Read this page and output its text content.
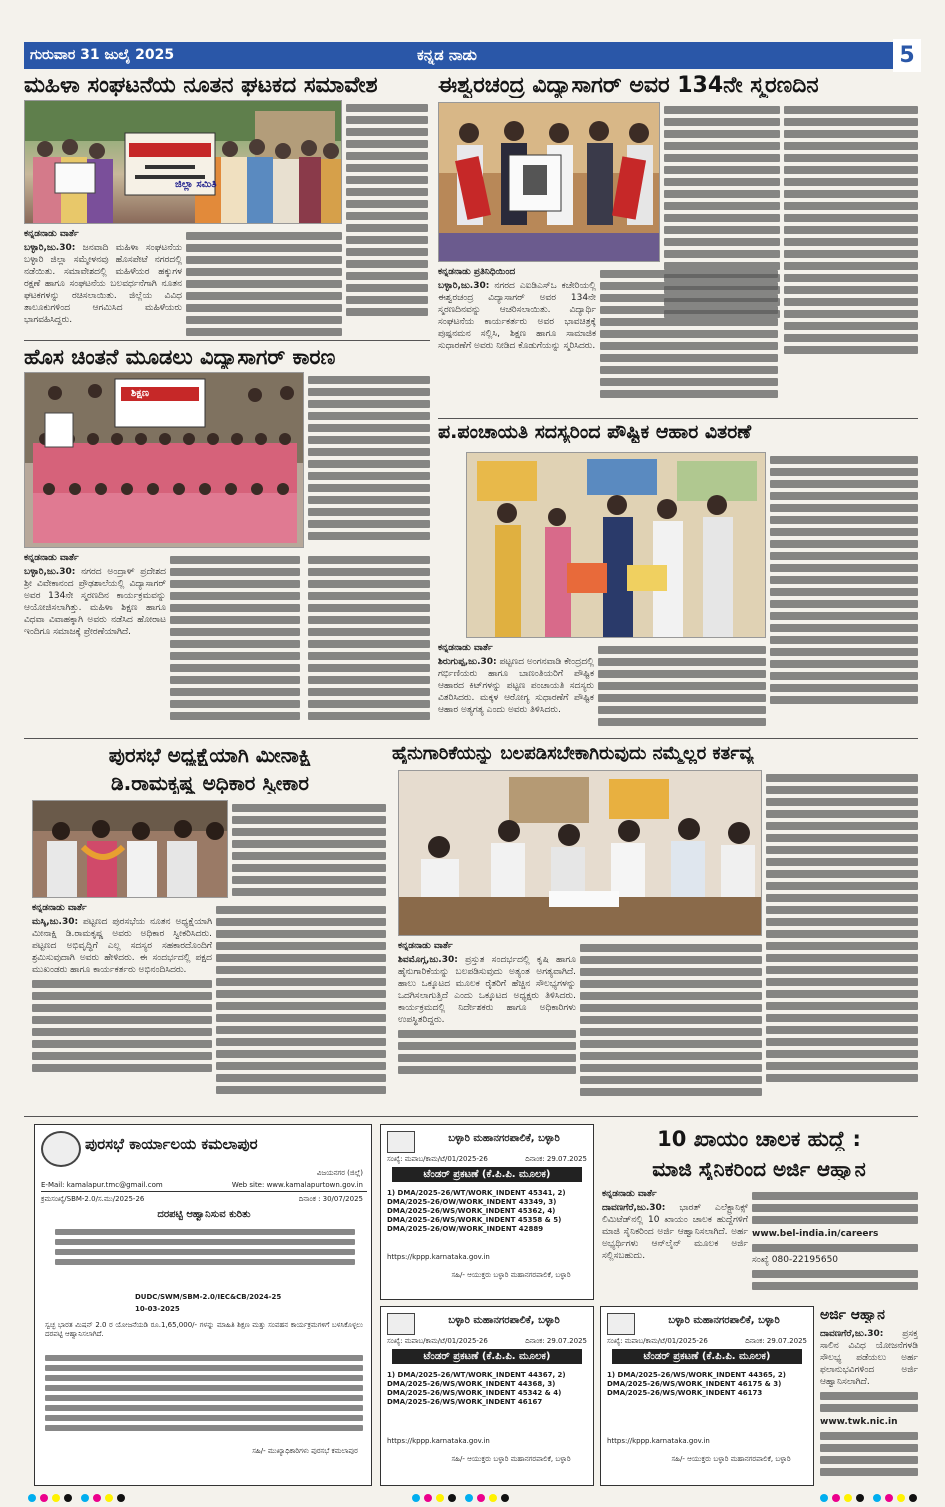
ಗುರುವಾರ 31 ಜುಲೈ 2025	ಕನ್ನಡ ನಾಡು	5
ಮಹಿಳಾ ಸಂಘಟನೆಯ ನೂತನ ಘಟಕದ ಸಮಾವೇಶ
ಜಿಲ್ಲಾ ಸಮಿತಿ

ಕನ್ನಡನಾಡು ವಾರ್ತೆ

ಬಳ್ಳಾರಿ,ಜು.30: ಜನವಾದಿ ಮಹಿಳಾ ಸಂಘಟನೆಯ ಬಳ್ಳಾರಿ ಜಿಲ್ಲಾ ಸಮ್ಮೇಳನವು ಹೊಸಪೇಟೆ ನಗರದಲ್ಲಿ ನಡೆಯಿತು. ಸಮಾವೇಶದಲ್ಲಿ ಮಹಿಳೆಯರ ಹಕ್ಕುಗಳ ರಕ್ಷಣೆ ಹಾಗೂ ಸಂಘಟನೆಯ ಬಲವರ್ಧನೆಗಾಗಿ ನೂತನ ಘಟಕಗಳನ್ನು ರಚಿಸಲಾಯಿತು. ಜಿಲ್ಲೆಯ ವಿವಿಧ ತಾಲೂಕುಗಳಿಂದ ಆಗಮಿಸಿದ ಮಹಿಳೆಯರು ಭಾಗವಹಿಸಿದ್ದರು.

ಈಶ್ವರಚಂದ್ರ ವಿದ್ಯಾಸಾಗರ್ ಅವರ 134ನೇ ಸ್ಮರಣದಿನ

ಕನ್ನಡನಾಡು ಪ್ರತಿನಿಧಿಯಿಂದ

ಬಳ್ಳಾರಿ,ಜು.30: ನಗರದ ಎಐಡಿಎಸ್ಒ ಕಚೇರಿಯಲ್ಲಿ ಈಶ್ವರಚಂದ್ರ ವಿದ್ಯಾಸಾಗರ್ ಅವರ 134ನೇ ಸ್ಮರಣದಿನವನ್ನು ಆಚರಿಸಲಾಯಿತು. ವಿದ್ಯಾರ್ಥಿ ಸಂಘಟನೆಯ ಕಾರ್ಯಕರ್ತರು ಅವರ ಭಾವಚಿತ್ರಕ್ಕೆ ಪುಷ್ಪನಮನ ಸಲ್ಲಿಸಿ, ಶಿಕ್ಷಣ ಹಾಗೂ ಸಾಮಾಜಿಕ ಸುಧಾರಣೆಗೆ ಅವರು ನೀಡಿದ ಕೊಡುಗೆಯನ್ನು ಸ್ಮರಿಸಿದರು.

ಹೊಸ ಚಿಂತನೆ ಮೂಡಲು ವಿದ್ಯಾಸಾಗರ್ ಕಾರಣ
ಶಿಕ್ಷಣ

ಕನ್ನಡನಾಡು ವಾರ್ತೆ

ಬಳ್ಳಾರಿ,ಜು.30: ನಗರದ ಅಂದ್ರಾಳ್ ಪ್ರದೇಶದ ಶ್ರೀ ವಿವೇಕಾನಂದ ಪ್ರೌಢಶಾಲೆಯಲ್ಲಿ ವಿದ್ಯಾಸಾಗರ್ ಅವರ 134ನೇ ಸ್ಮರಣದಿನ ಕಾರ್ಯಕ್ರಮವನ್ನು ಆಯೋಜಿಸಲಾಗಿತ್ತು. ಮಹಿಳಾ ಶಿಕ್ಷಣ ಹಾಗೂ ವಿಧವಾ ವಿವಾಹಕ್ಕಾಗಿ ಅವರು ನಡೆಸಿದ ಹೋರಾಟ ಇಂದಿಗೂ ಸಮಾಜಕ್ಕೆ ಪ್ರೇರಣೆಯಾಗಿದೆ.

ಪ.ಪಂಚಾಯತಿ ಸದಸ್ಯರಿಂದ ಪೌಷ್ಟಿಕ ಆಹಾರ ವಿತರಣೆ

ಕನ್ನಡನಾಡು ವಾರ್ತೆ

ಶಿರುಗುಪ್ಪ,ಜು.30: ಪಟ್ಟಣದ ಅಂಗನವಾಡಿ ಕೇಂದ್ರದಲ್ಲಿ ಗರ್ಭಿಣಿಯರು ಹಾಗೂ ಬಾಣಂತಿಯರಿಗೆ ಪೌಷ್ಟಿಕ ಆಹಾರದ ಕಿಟ್‌ಗಳನ್ನು ಪಟ್ಟಣ ಪಂಚಾಯತಿ ಸದಸ್ಯರು ವಿತರಿಸಿದರು. ಮಕ್ಕಳ ಆರೋಗ್ಯ ಸುಧಾರಣೆಗೆ ಪೌಷ್ಟಿಕ ಆಹಾರ ಅತ್ಯಗತ್ಯ ಎಂದು ಅವರು ತಿಳಿಸಿದರು.

ಪುರಸಭೆ ಅಧ್ಯಕ್ಷೆಯಾಗಿ ಮೀನಾಕ್ಷಿ
ಡಿ.ರಾಮಕೃಷ್ಣ ಅಧಿಕಾರ ಸ್ವೀಕಾರ

ಕನ್ನಡನಾಡು ವಾರ್ತೆ

ಮಸ್ಕಿ,ಜು.30: ಪಟ್ಟಣದ ಪುರಸಭೆಯ ನೂತನ ಅಧ್ಯಕ್ಷೆಯಾಗಿ ಮೀನಾಕ್ಷಿ ಡಿ.ರಾಮಕೃಷ್ಣ ಅವರು ಅಧಿಕಾರ ಸ್ವೀಕರಿಸಿದರು. ಪಟ್ಟಣದ ಅಭಿವೃದ್ಧಿಗೆ ಎಲ್ಲ ಸದಸ್ಯರ ಸಹಕಾರದೊಂದಿಗೆ ಶ್ರಮಿಸುವುದಾಗಿ ಅವರು ಹೇಳಿದರು. ಈ ಸಂದರ್ಭದಲ್ಲಿ ಪಕ್ಷದ ಮುಖಂಡರು ಹಾಗೂ ಕಾರ್ಯಕರ್ತರು ಅಭಿನಂದಿಸಿದರು.

ಹೈನುಗಾರಿಕೆಯನ್ನು ಬಲಪಡಿಸಬೇಕಾಗಿರುವುದು ನಮ್ಮೆಲ್ಲರ ಕರ್ತವ್ಯ

ಕನ್ನಡನಾಡು ವಾರ್ತೆ

ಶಿವಮೊಗ್ಗ,ಜು.30: ಪ್ರಸ್ತುತ ಸಂದರ್ಭದಲ್ಲಿ ಕೃಷಿ ಹಾಗೂ ಹೈನುಗಾರಿಕೆಯನ್ನು ಬಲಪಡಿಸುವುದು ಅತ್ಯಂತ ಅಗತ್ಯವಾಗಿದೆ. ಹಾಲು ಒಕ್ಕೂಟದ ಮೂಲಕ ರೈತರಿಗೆ ಹೆಚ್ಚಿನ ಸೌಲಭ್ಯಗಳನ್ನು ಒದಗಿಸಲಾಗುತ್ತಿದೆ ಎಂದು ಒಕ್ಕೂಟದ ಅಧ್ಯಕ್ಷರು ತಿಳಿಸಿದರು. ಕಾರ್ಯಕ್ರಮದಲ್ಲಿ ನಿರ್ದೇಶಕರು ಹಾಗೂ ಅಧಿಕಾರಿಗಳು ಉಪಸ್ಥಿತರಿದ್ದರು.

ಪುರಸಭೆ ಕಾರ್ಯಾಲಯ ಕಮಲಾಪುರ
ವಿಜಯನಗರ (ಜಿಲ್ಲೆ)
E-Mail: kamalapur.tmc@gmail.com	Web site: www.kamalapurtown.gov.in
ಕ್ರಮಸಂಖ್ಯೆ/SBM-2.0/ಸ.ಮು/2025-26	ದಿನಾಂಕ : 30/07/2025
ದರಪಟ್ಟಿ ಆಹ್ವಾನಿಸುವ ಕುರಿತು
DUDC/SWM/SBM-2.0/IEC&CB/2024-25
10-03-2025
ಸ್ವಚ್ಛ ಭಾರತ ಮಿಷನ್ 2.0 ರ ಯೋಜನೆಯಡಿ ರೂ.1,65,000/- ಗಳನ್ನು ಮಾಹಿತಿ ಶಿಕ್ಷಣ ಮತ್ತು ಸಂವಹನ ಕಾರ್ಯಕ್ರಮಗಳಿಗೆ ಬಳಸಿಕೊಳ್ಳಲು ದರಪಟ್ಟಿ ಆಹ್ವಾನಿಸಲಾಗಿದೆ.
ಸಹಿ/- ಮುಖ್ಯಾಧಿಕಾರಿಗಳು ಪುರಸಭೆ ಕಮಲಾಪುರ
ಬಳ್ಳಾರಿ ಮಹಾನಗರಪಾಲಿಕೆ, ಬಳ್ಳಾರಿ
ಸಂಖ್ಯೆ: ಮಪಾಬ/ಕಾಮ/ಟೆ/01/2025-26	ದಿನಾಂಕ: 29.07.2025
ಟೆಂಡರ್ ಪ್ರಕಟಣೆ (ಕೆ.ಪಿ.ಪಿ. ಮೂಲಕ)
1) DMA/2025-26/WT/WORK_INDENT 45341, 2) DMA/2025-26/OW/WORK_INDENT 43349, 3) DMA/2025-26/WS/WORK_INDENT 45362, 4) DMA/2025-26/WS/WORK_INDENT 45358 & 5) DMA/2025-26/OW/WORK_INDENT 42889
https://kppp.karnataka.gov.in
ಸಹಿ/- ಆಯುಕ್ತರು ಬಳ್ಳಾರಿ ಮಹಾನಗರಪಾಲಿಕೆ, ಬಳ್ಳಾರಿ
ಬಳ್ಳಾರಿ ಮಹಾನಗರಪಾಲಿಕೆ, ಬಳ್ಳಾರಿ
ಸಂಖ್ಯೆ: ಮಪಾಬ/ಕಾಮ/ಟೆ/01/2025-26	ದಿನಾಂಕ: 29.07.2025
ಟೆಂಡರ್ ಪ್ರಕಟಣೆ (ಕೆ.ಪಿ.ಪಿ. ಮೂಲಕ)
1) DMA/2025-26/WT/WORK_INDENT 44367, 2) DMA/2025-26/WS/WORK_INDENT 44368, 3) DMA/2025-26/WS/WORK_INDENT 45342 & 4) DMA/2025-26/WS/WORK_INDENT 46167
https://kppp.karnataka.gov.in
ಸಹಿ/- ಆಯುಕ್ತರು ಬಳ್ಳಾರಿ ಮಹಾನಗರಪಾಲಿಕೆ, ಬಳ್ಳಾರಿ
ಬಳ್ಳಾರಿ ಮಹಾನಗರಪಾಲಿಕೆ, ಬಳ್ಳಾರಿ
ಸಂಖ್ಯೆ: ಮಪಾಬ/ಕಾಮ/ಟೆ/01/2025-26	ದಿನಾಂಕ: 29.07.2025
ಟೆಂಡರ್ ಪ್ರಕಟಣೆ (ಕೆ.ಪಿ.ಪಿ. ಮೂಲಕ)
1) DMA/2025-26/WS/WORK_INDENT 44365, 2) DMA/2025-26/WS/WORK_INDENT 46175 & 3) DMA/2025-26/WS/WORK_INDENT 46173
https://kppp.karnataka.gov.in
ಸಹಿ/- ಆಯುಕ್ತರು ಬಳ್ಳಾರಿ ಮಹಾನಗರಪಾಲಿಕೆ, ಬಳ್ಳಾರಿ
10 ಖಾಯಂ ಚಾಲಕ ಹುದ್ದೆ :
ಮಾಜಿ ಸೈನಿಕರಿಂದ ಅರ್ಜಿ ಆಹ್ವಾನ

ಕನ್ನಡನಾಡು ವಾರ್ತೆ

ದಾವಣಗೆರೆ,ಜು.30: ಭಾರತ್ ಎಲೆಕ್ಟ್ರಾನಿಕ್ಸ್ ಲಿಮಿಟೆಡ್‌ನಲ್ಲಿ 10 ಖಾಯಂ ಚಾಲಕ ಹುದ್ದೆಗಳಿಗೆ ಮಾಜಿ ಸೈನಿಕರಿಂದ ಅರ್ಜಿ ಆಹ್ವಾನಿಸಲಾಗಿದೆ. ಅರ್ಹ ಅಭ್ಯರ್ಥಿಗಳು ಆನ್‌ಲೈನ್ ಮೂಲಕ ಅರ್ಜಿ ಸಲ್ಲಿಸಬಹುದು.

www.bel-india.in/careers

ಸಂಖ್ಯೆ 080-22195650

ಅರ್ಜಿ ಆಹ್ವಾನ

ದಾವಣಗೆರೆ,ಜು.30: ಪ್ರಸಕ್ತ ಸಾಲಿನ ವಿವಿಧ ಯೋಜನೆಗಳಡಿ ಸೌಲಭ್ಯ ಪಡೆಯಲು ಅರ್ಹ ಫಲಾನುಭವಿಗಳಿಂದ ಅರ್ಜಿ ಆಹ್ವಾನಿಸಲಾಗಿದೆ.

www.twk.nic.in
